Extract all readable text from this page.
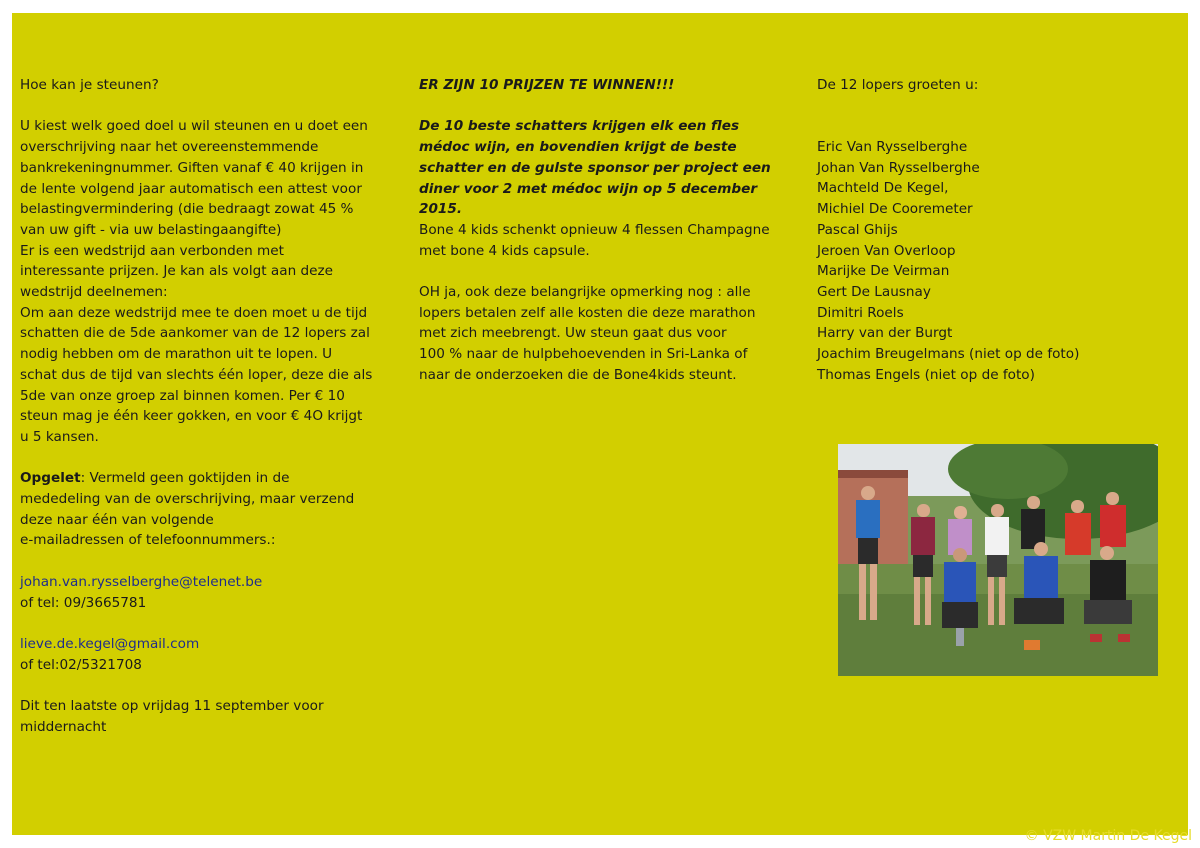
Hoe kan je steunen?

U kiest welk goed doel u wil steunen en u doet een

overschrijving naar het overeenstemmende

bankrekeningnummer. Giften vanaf € 40 krijgen in

de lente volgend jaar automatisch een attest voor

belastingvermindering (die bedraagt zowat 45 %

van uw gift - via uw belastingaangifte)

Er is een wedstrijd aan verbonden met

interessante prijzen. Je kan als volgt aan deze

wedstrijd deelnemen:

Om aan deze wedstrijd mee te doen moet u de tijd

schatten die de 5de aankomer van de 12 lopers zal

nodig hebben om de marathon uit te lopen. U

schat dus de tijd van slechts één loper, deze die als

5de van onze groep zal binnen komen. Per € 10

steun mag je één keer gokken, en voor € 4O krijgt

u 5 kansen.

Opgelet: Vermeld geen goktijden in de

mededeling van de overschrijving, maar verzend

deze naar één van volgende

e-mailadressen of telefoonnummers.:

johan.van.rysselberghe@telenet.be

of tel: 09/3665781

lieve.de.kegel@gmail.com

of tel:02/5321708

Dit ten laatste op vrijdag 11 september voor

middernacht

ER ZIJN 10 PRIJZEN TE WINNEN!!!

De 10 beste schatters krijgen elk een fles

médoc wijn, en bovendien krijgt de beste

schatter en de gulste sponsor per project een

diner voor 2 met médoc wijn op 5 december

2015.

Bone 4 kids schenkt opnieuw 4 flessen Champagne

met bone 4 kids capsule.

OH ja, ook deze belangrijke opmerking nog : alle

lopers betalen zelf alle kosten die deze marathon

met zich meebrengt. Uw steun gaat dus voor

100 % naar de hulpbehoevenden in Sri-Lanka of

naar de onderzoeken die de Bone4kids steunt.

De 12 lopers groeten u:

Eric Van Rysselberghe
Johan Van Rysselberghe
Machteld De Kegel,
Michiel De Cooremeter
Pascal Ghijs
Jeroen Van Overloop
Marijke De Veirman
Gert De Lausnay
Dimitri Roels
Harry van der Burgt
Joachim Breugelmans (niet op de foto)
Thomas Engels (niet op de foto)
© VZW Martin De Kegel
